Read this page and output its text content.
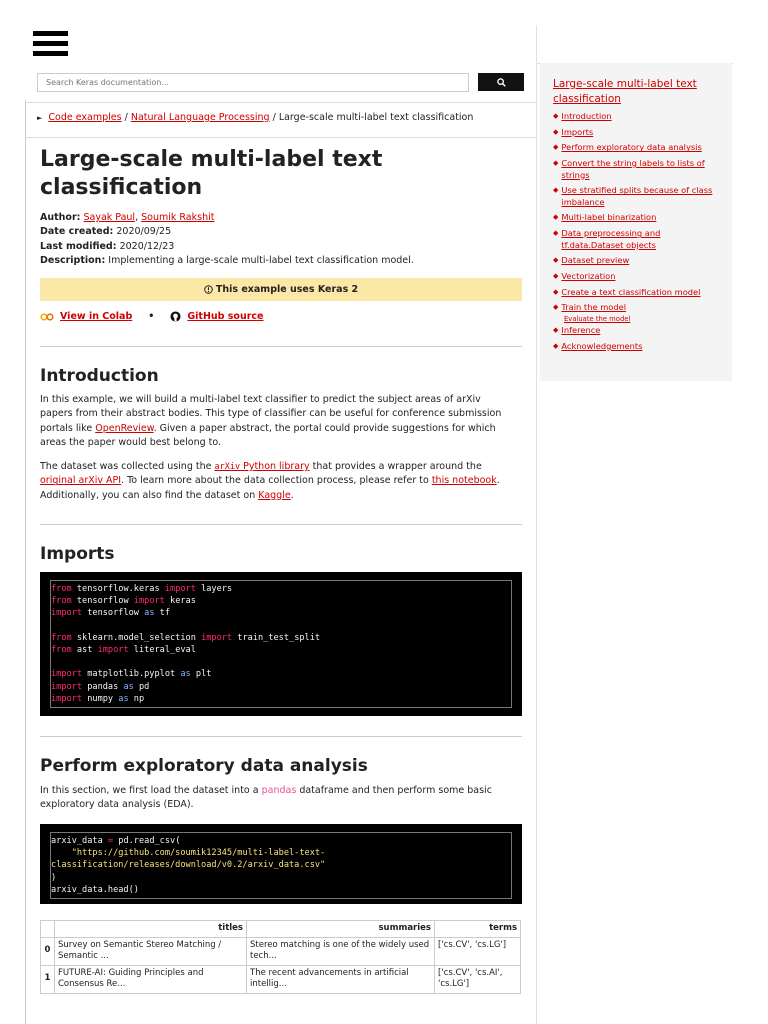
Search Keras documentation...
► Code examples / Natural Language Processing / Large-scale multi-label text classification
Large-scale multi-label text classification
Author: Sayak Paul, Soumik Rakshit
Date created: 2020/09/25
Last modified: 2020/12/23
Description: Implementing a large-scale multi-label text classification model.
This example uses Keras 2
View in Colab •	GitHub source
Introduction

In this example, we will build a multi-label text classifier to predict the subject areas of arXiv papers from their abstract bodies. This type of classifier can be useful for conference submission portals like OpenReview. Given a paper abstract, the portal could provide suggestions for which areas the paper would best belong to.

The dataset was collected using the arXiv Python library that provides a wrapper around the original arXiv API. To learn more about the data collection process, please refer to this notebook. Additionally, you can also find the dataset on Kaggle.

Imports
from tensorflow.keras import layers
from tensorflow import keras
import tensorflow as tf

from sklearn.model_selection import train_test_split
from ast import literal_eval

import matplotlib.pyplot as plt
import pandas as pd
import numpy as np
Perform exploratory data analysis

In this section, we first load the dataset into a pandas dataframe and then perform some basic exploratory data analysis (EDA).

arxiv_data = pd.read_csv(
"https://github.com/soumik12345/multi-label-text-
classification/releases/download/v0.2/arxiv_data.csv"
)
arxiv_data.head()
	titles	summaries	terms
0	Survey on Semantic Stereo Matching / Semantic ...	Stereo matching is one of the widely used tech...	['cs.CV', 'cs.LG']
1	FUTURE-AI: Guiding Principles and Consensus Re...	The recent advancements in artificial intellig...	['cs.CV', 'cs.AI', 'cs.LG']
Large-scale multi-label text classification
◆ Introduction
◆ Imports
◆ Perform exploratory data analysis
◆ Convert the string labels to lists of strings
◆ Use stratified splits because of class imbalance
◆ Multi-label binarization
◆ Data preprocessing and tf.data.Dataset objects
◆ Dataset preview
◆ Vectorization
◆ Create a text classification model
◆ Train the model
Evaluate the model
◆ Inference
◆ Acknowledgements
